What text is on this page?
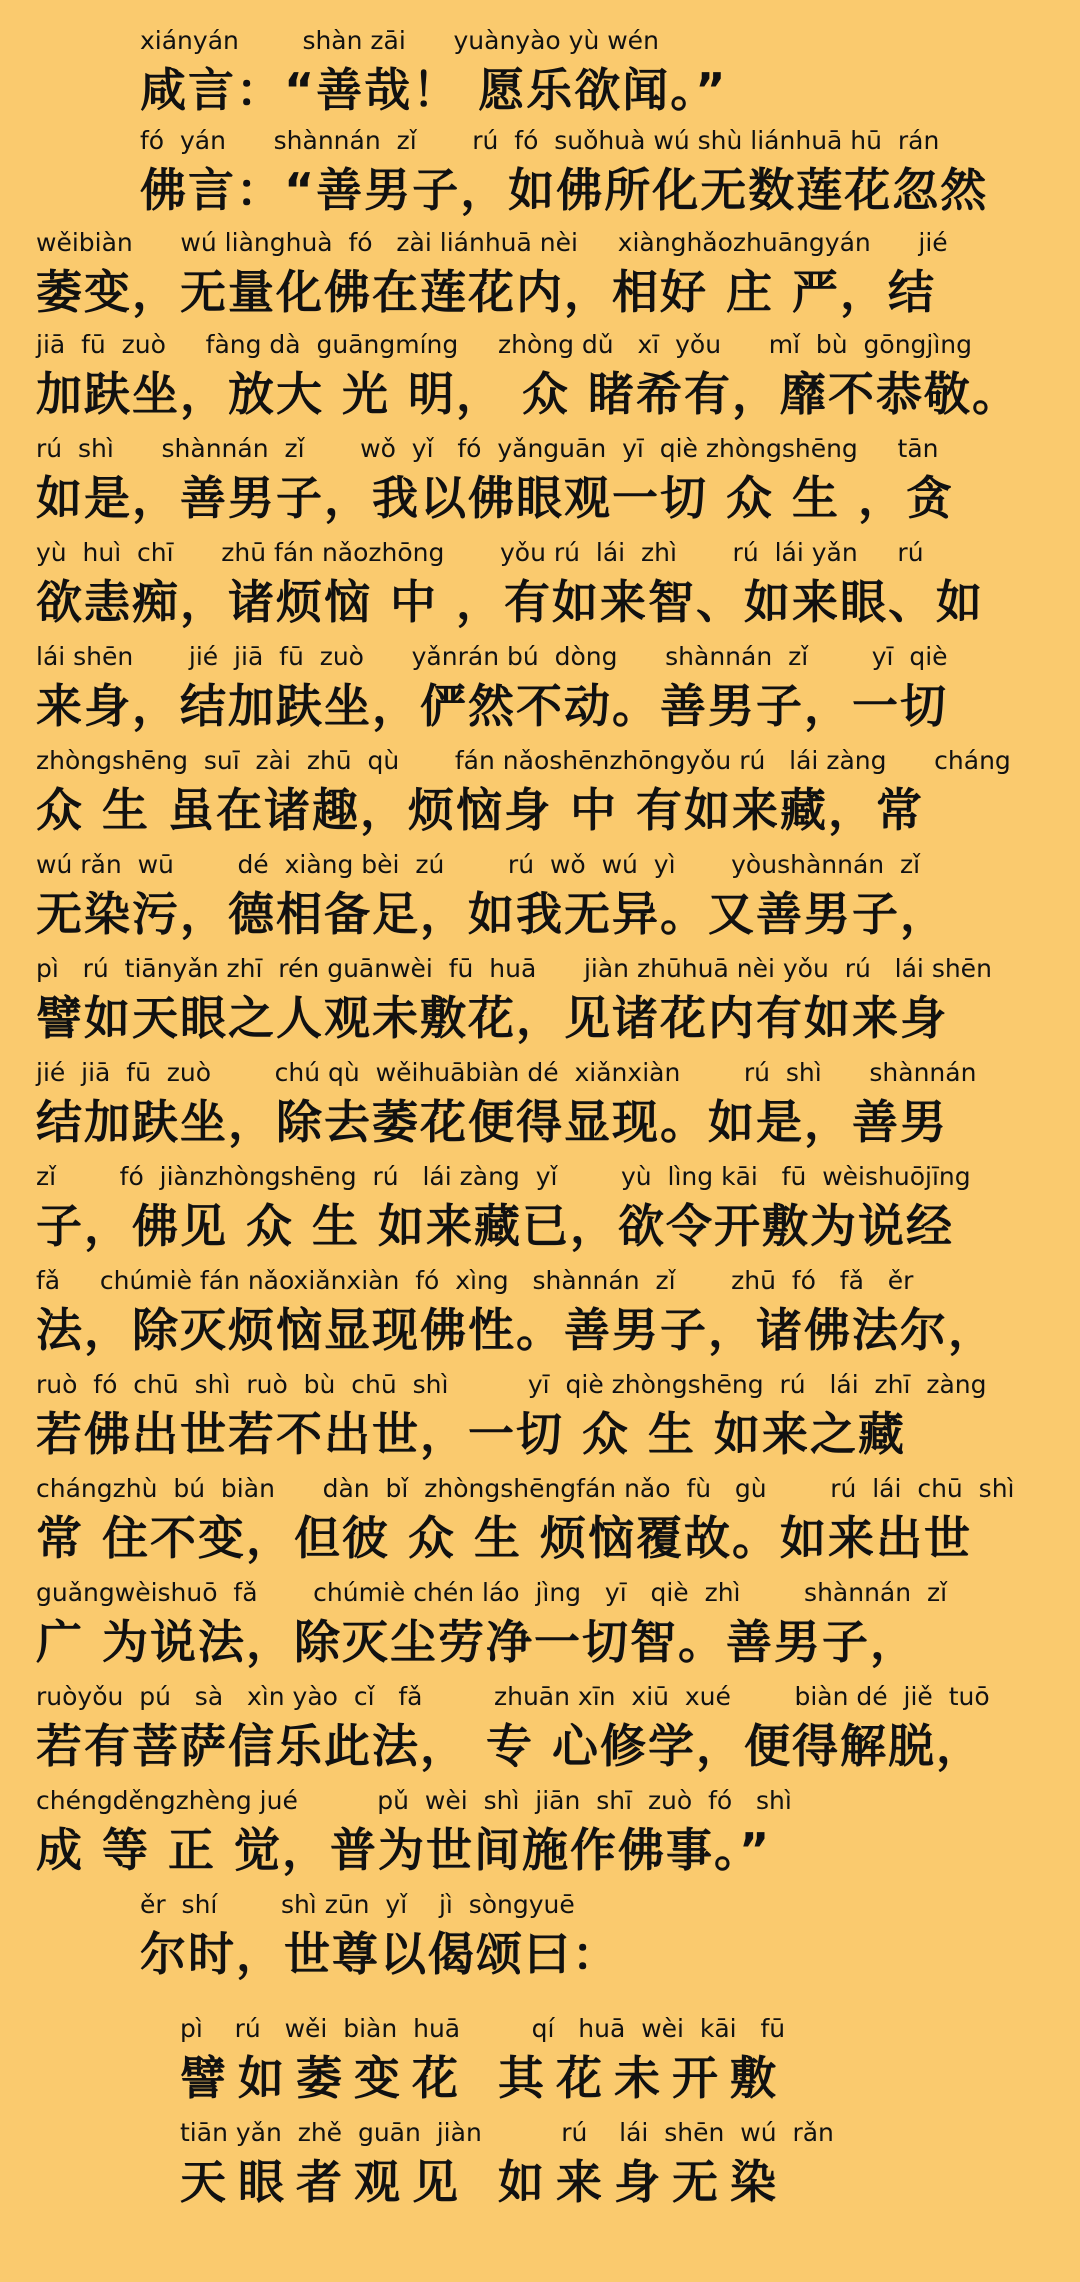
xiányán        shàn zāi      yuànyào yù wén
咸言：“善哉！ 愿乐欲闻。”
fó  yán      shànnán  zǐ       rú  fó  suǒhuà wú shù liánhuā hū  rán
佛言：“善男子，如佛所化无数莲花忽然
wěibiàn      wú liànghuà  fó   zài liánhuā nèi     xiànghǎozhuāngyán      jié
萎变，无量化佛在莲花内，相好 庄 严，结
jiā  fū  zuò     fàng dà  guāngmíng     zhòng dǔ   xī  yǒu      mǐ  bù  gōngjìng
加趺坐，放大 光 明， 众 睹希有，靡不恭敬。
rú  shì      shànnán  zǐ       wǒ  yǐ   fó  yǎnguān  yī  qiè zhòngshēng     tān
如是，善男子，我以佛眼观一切 众 生 ，贪
yù  huì  chī      zhū fán nǎozhōng       yǒu rú  lái  zhì       rú  lái yǎn     rú
欲恚痴，诸烦恼 中 ，有如来智、如来眼、如
lái shēn       jié  jiā  fū  zuò      yǎnrán bú  dòng      shànnán  zǐ        yī  qiè
来身，结加趺坐，俨然不动。善男子，一切
zhòngshēng  suī  zài  zhū  qù       fán nǎoshēnzhōngyǒu rú   lái zàng      cháng
众 生 虽在诸趣，烦恼身 中 有如来藏，常
wú rǎn  wū        dé  xiàng bèi  zú        rú  wǒ  wú  yì       yòushànnán  zǐ
无染污，德相备足，如我无异。又善男子，
pì   rú  tiānyǎn zhī  rén guānwèi  fū  huā      jiàn zhūhuā nèi yǒu  rú   lái shēn
譬如天眼之人观未敷花，见诸花内有如来身
jié  jiā  fū  zuò        chú qù  wěihuābiàn dé  xiǎnxiàn        rú  shì      shànnán
结加趺坐，除去萎花便得显现。如是，善男
zǐ        fó  jiànzhòngshēng  rú   lái zàng  yǐ        yù  lìng kāi   fū  wèishuōjīng
子，佛见 众 生 如来藏已，欲令开敷为说经
fǎ     chúmiè fán nǎoxiǎnxiàn  fó  xìng   shànnán  zǐ       zhū  fó   fǎ   ěr
法，除灭烦恼显现佛性。善男子，诸佛法尔，
ruò  fó  chū  shì  ruò  bù  chū  shì          yī  qiè zhòngshēng  rú   lái  zhī  zàng
若佛出世若不出世，一切 众 生 如来之藏
chángzhù  bú  biàn      dàn  bǐ  zhòngshēngfán nǎo  fù   gù        rú  lái  chū  shì
常 住不变，但彼 众 生 烦恼覆故。如来出世
guǎngwèishuō  fǎ       chúmiè chén láo  jìng   yī   qiè  zhì        shànnán  zǐ
广 为说法，除灭尘劳净一切智。善男子，
ruòyǒu  pú   sà   xìn yào  cǐ   fǎ         zhuān xīn  xiū  xué        biàn dé  jiě  tuō
若有菩萨信乐此法， 专 心修学，便得解脱，
chéngděngzhèng jué          pǔ  wèi  shì  jiān  shī  zuò  fó   shì
成 等 正 觉，普为世间施作佛事。”
ěr  shí        shì zūn  yǐ    jì  sòngyuē
尔时，世尊以偈颂曰：
pì    rú   wěi  biàn  huā         qí   huā  wèi  kāi   fū
譬如萎变花 其花未开敷
tiān yǎn  zhě  guān  jiàn          rú    lái  shēn  wú  rǎn
天眼者观见 如来身无染
